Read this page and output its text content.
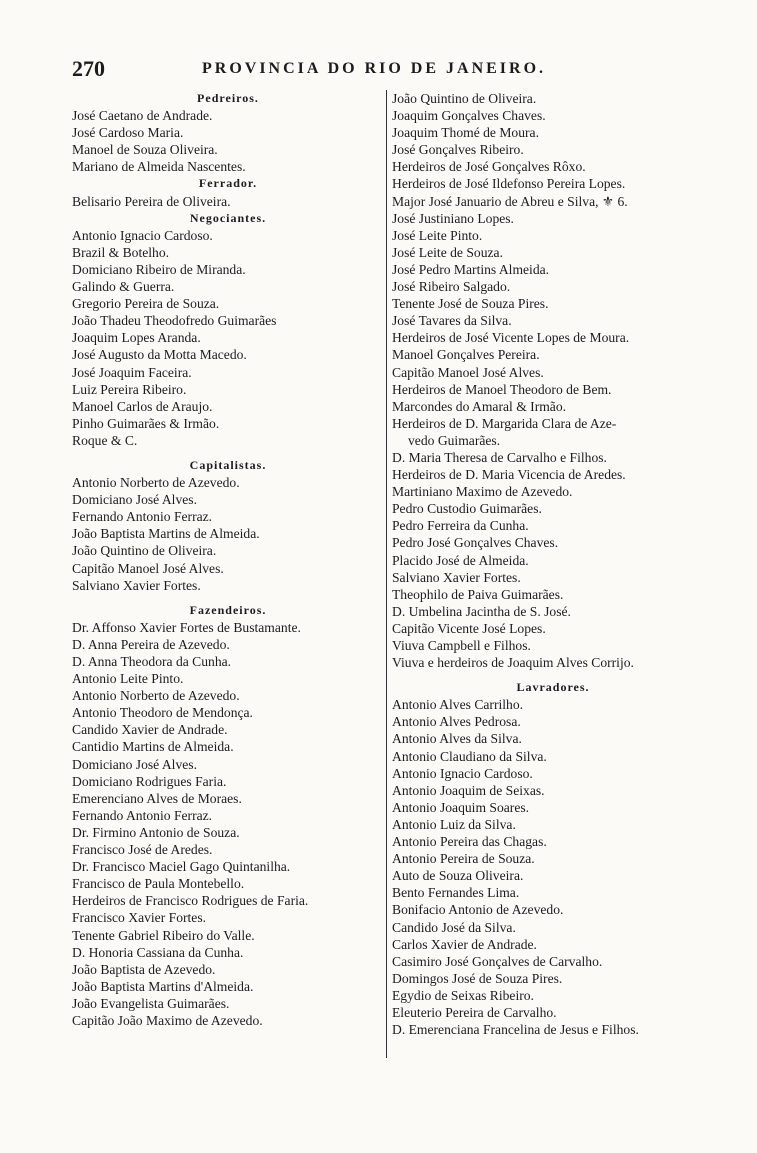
270	PROVINCIA DO RIO DE JANEIRO.
Pedreiros.
José Caetano de Andrade.
José Cardoso Maria.
Manoel de Souza Oliveira.
Mariano de Almeida Nascentes.
Ferrador.
Belisario Pereira de Oliveira.
Negociantes.
Antonio Ignacio Cardoso.
Brazil & Botelho.
Domiciano Ribeiro de Miranda.
Galindo & Guerra.
Gregorio Pereira de Souza.
João Thadeu Theodofredo Guimarães
Joaquim Lopes Aranda.
José Augusto da Motta Macedo.
José Joaquim Faceira.
Luiz Pereira Ribeiro.
Manoel Carlos de Araujo.
Pinho Guimarães & Irmão.
Roque & C.
Capitalistas.
Antonio Norberto de Azevedo.
Domiciano José Alves.
Fernando Antonio Ferraz.
João Baptista Martins de Almeida.
João Quintino de Oliveira.
Capitão Manoel José Alves.
Salviano Xavier Fortes.
Fazendeiros.
Dr. Affonso Xavier Fortes de Bustamante.
D. Anna Pereira de Azevedo.
D. Anna Theodora da Cunha.
Antonio Leite Pinto.
Antonio Norberto de Azevedo.
Antonio Theodoro de Mendonça.
Candido Xavier de Andrade.
Cantidio Martins de Almeida.
Domiciano José Alves.
Domiciano Rodrigues Faria.
Emerenciano Alves de Moraes.
Fernando Antonio Ferraz.
Dr. Firmino Antonio de Souza.
Francisco José de Aredes.
Dr. Francisco Maciel Gago Quintanilha.
Francisco de Paula Montebello.
Herdeiros de Francisco Rodrigues de Faria.
Francisco Xavier Fortes.
Tenente Gabriel Ribeiro do Valle.
D. Honoria Cassiana da Cunha.
João Baptista de Azevedo.
João Baptista Martins d'Almeida.
João Evangelista Guimarães.
Capitão João Maximo de Azevedo.
João Quintino de Oliveira.
Joaquim Gonçalves Chaves.
Joaquim Thomé de Moura.
José Gonçalves Ribeiro.
Herdeiros de José Gonçalves Rôxo.
Herdeiros de José Ildefonso Pereira Lopes.
Major José Januario de Abreu e Silva, ⚜ 6.
José Justiniano Lopes.
José Leite Pinto.
José Leite de Souza.
José Pedro Martins Almeida.
José Ribeiro Salgado.
Tenente José de Souza Pires.
José Tavares da Silva.
Herdeiros de José Vicente Lopes de Moura.
Manoel Gonçalves Pereira.
Capitão Manoel José Alves.
Herdeiros de Manoel Theodoro de Bem.
Marcondes do Amaral & Irmão.
Herdeiros de D. Margarida Clara de Aze-
vedo Guimarães.
D. Maria Theresa de Carvalho e Filhos.
Herdeiros de D. Maria Vicencia de Aredes.
Martiniano Maximo de Azevedo.
Pedro Custodio Guimarães.
Pedro Ferreira da Cunha.
Pedro José Gonçalves Chaves.
Placido José de Almeida.
Salviano Xavier Fortes.
Theophilo de Paiva Guimarães.
D. Umbelina Jacintha de S. José.
Capitão Vicente José Lopes.
Viuva Campbell e Filhos.
Viuva e herdeiros de Joaquim Alves Corrijo.
Lavradores.
Antonio Alves Carrilho.
Antonio Alves Pedrosa.
Antonio Alves da Silva.
Antonio Claudiano da Silva.
Antonio Ignacio Cardoso.
Antonio Joaquim de Seixas.
Antonio Joaquim Soares.
Antonio Luiz da Silva.
Antonio Pereira das Chagas.
Antonio Pereira de Souza.
Auto de Souza Oliveira.
Bento Fernandes Lima.
Bonifacio Antonio de Azevedo.
Candido José da Silva.
Carlos Xavier de Andrade.
Casimiro José Gonçalves de Carvalho.
Domingos José de Souza Pires.
Egydio de Seixas Ribeiro.
Eleuterio Pereira de Carvalho.
D. Emerenciana Francelina de Jesus e Filhos.
